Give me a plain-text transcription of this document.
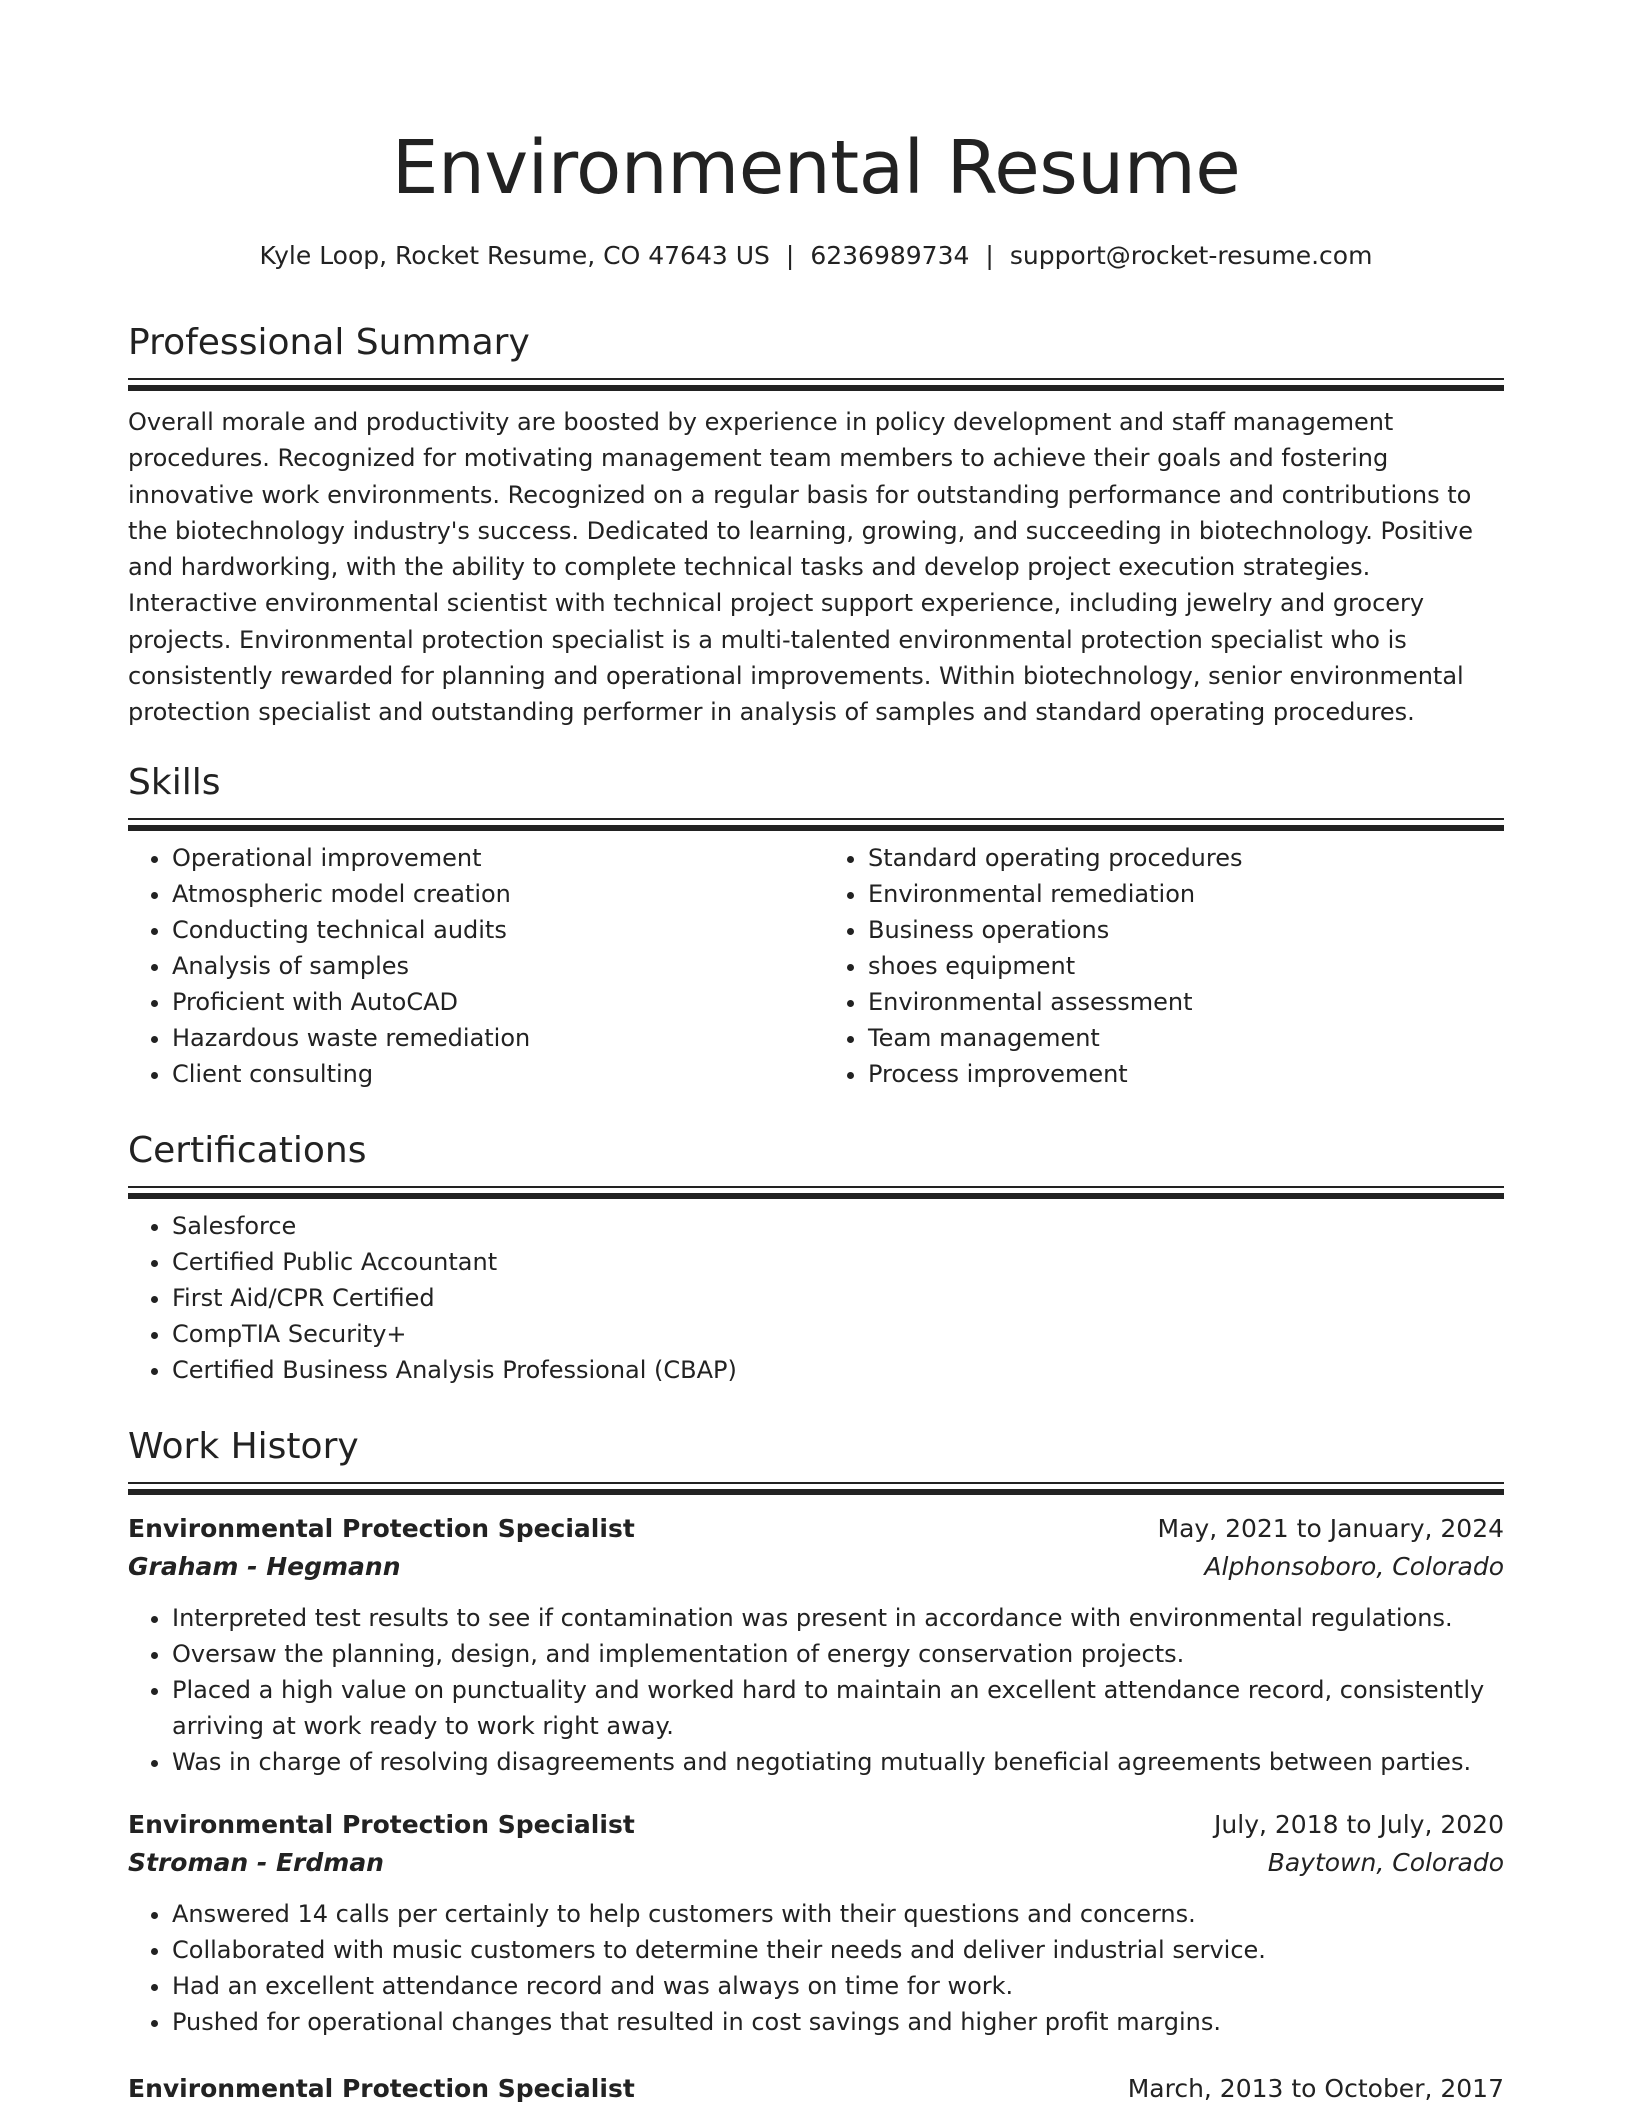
Environmental Resume
Kyle Loop, Rocket Resume, CO 47643 US | 6236989734 | support@rocket-resume.com
Professional Summary

Overall morale and productivity are boosted by experience in policy development and staff management procedures. Recognized for motivating management team members to achieve their goals and fostering innovative work environments. Recognized on a regular basis for outstanding performance and contributions to the biotechnology industry's success. Dedicated to learning, growing, and succeeding in biotechnology. Positive and hardworking, with the ability to complete technical tasks and develop project execution strategies. Interactive environmental scientist with technical project support experience, including jewelry and grocery projects. Environmental protection specialist is a multi-talented environmental protection specialist who is consistently rewarded for planning and operational improvements. Within biotechnology, senior environmental protection specialist and outstanding performer in analysis of samples and standard operating procedures.

Skills
• Operational improvement
• Atmospheric model creation
• Conducting technical audits
• Analysis of samples
• Proficient with AutoCAD
• Hazardous waste remediation
• Client consulting
• Standard operating procedures
• Environmental remediation
• Business operations
• shoes equipment
• Environmental assessment
• Team management
• Process improvement
Certifications
• Salesforce
• Certified Public Accountant
• First Aid/CPR Certified
• CompTIA Security+
• Certified Business Analysis Professional (CBAP)
Work History
Environmental Protection Specialist	May, 2021 to January, 2024
Graham - Hegmann	Alphonsoboro, Colorado
• Interpreted test results to see if contamination was present in accordance with environmental regulations.
• Oversaw the planning, design, and implementation of energy conservation projects.
• Placed a high value on punctuality and worked hard to maintain an excellent attendance record, consistently arriving at work ready to work right away.
• Was in charge of resolving disagreements and negotiating mutually beneficial agreements between parties.
Environmental Protection Specialist	July, 2018 to July, 2020
Stroman - Erdman	Baytown, Colorado
• Answered 14 calls per certainly to help customers with their questions and concerns.
• Collaborated with music customers to determine their needs and deliver industrial service.
• Had an excellent attendance record and was always on time for work.
• Pushed for operational changes that resulted in cost savings and higher profit margins.
Environmental Protection Specialist	March, 2013 to October, 2017
